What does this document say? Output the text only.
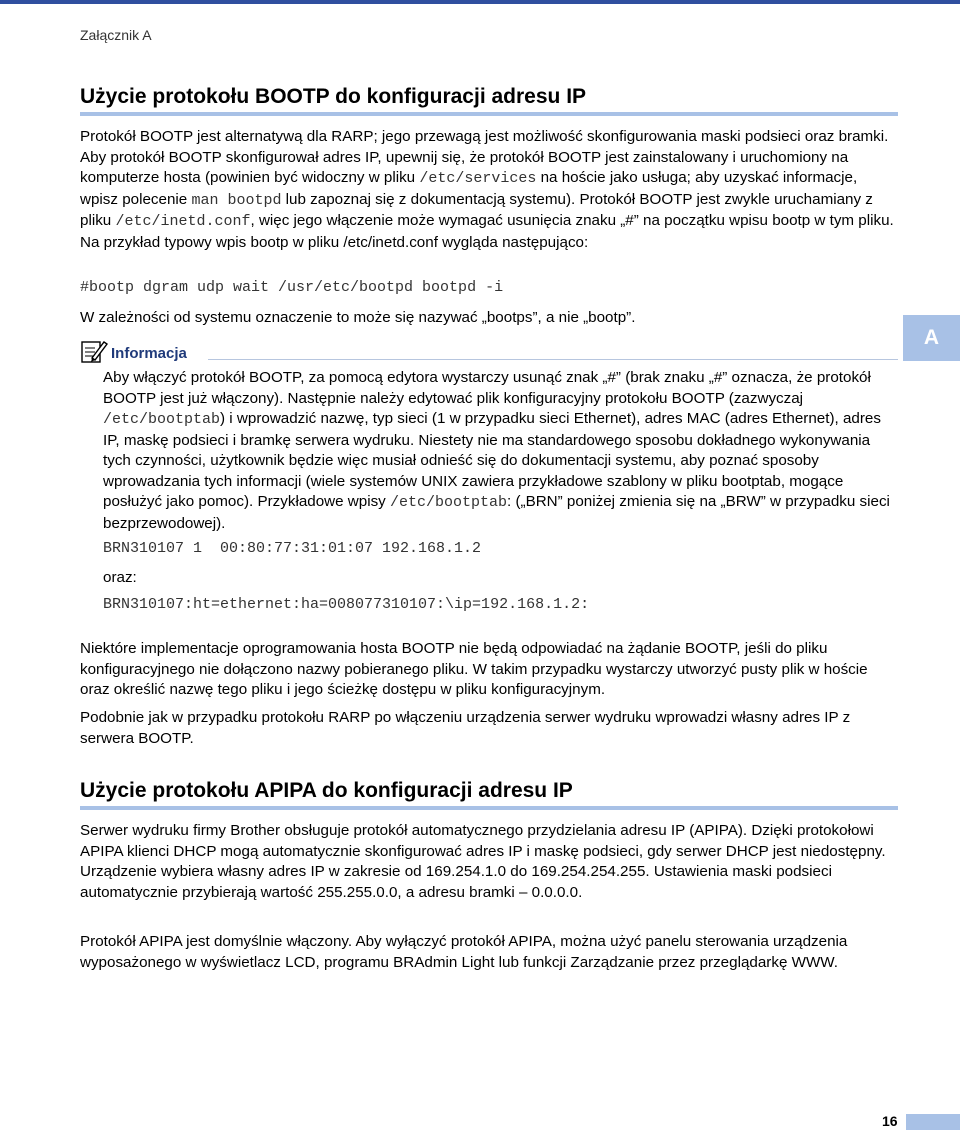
Załącznik A
Użycie protokołu BOOTP do konfiguracji adresu IP

Protokół BOOTP jest alternatywą dla RARP; jego przewagą jest możliwość skonfigurowania maski podsieci oraz bramki. Aby protokół BOOTP skonfigurował adres IP, upewnij się, że protokół BOOTP jest zainstalowany i uruchomiony na komputerze hosta (powinien być widoczny w pliku /etc/services na hoście jako usługa; aby uzyskać informacje, wpisz polecenie man bootpd lub zapoznaj się z dokumentacją systemu). Protokół BOOTP jest zwykle uruchamiany z pliku /etc/inetd.conf, więc jego włączenie może wymagać usunięcia znaku „#” na początku wpisu bootp w tym pliku. Na przykład typowy wpis bootp w pliku /etc/inetd.conf wygląda następująco:

#bootp dgram udp wait /usr/etc/bootpd bootpd -i

W zależności od systemu oznaczenie to może się nazywać „bootps”, a nie „bootp”.

A
Informacja

Aby włączyć protokół BOOTP, za pomocą edytora wystarczy usunąć znak „#” (brak znaku „#” oznacza, że protokół BOOTP jest już włączony). Następnie należy edytować plik konfiguracyjny protokołu BOOTP (zazwyczaj /etc/bootptab) i wprowadzić nazwę, typ sieci (1 w przypadku sieci Ethernet), adres MAC (adres Ethernet), adres IP, maskę podsieci i bramkę serwera wydruku. Niestety nie ma standardowego sposobu dokładnego wykonywania tych czynności, użytkownik będzie więc musiał odnieść się do dokumentacji systemu, aby poznać sposoby wprowadzania tych informacji (wiele systemów UNIX zawiera przykładowe szablony w pliku bootptab, mogące posłużyć jako pomoc). Przykładowe wpisy /etc/bootptab: („BRN” poniżej zmienia się na „BRW” w przypadku sieci bezprzewodowej).

BRN310107 1  00:80:77:31:01:07 192.168.1.2

oraz:

BRN310107:ht=ethernet:ha=008077310107:\ip=192.168.1.2:

Niektóre implementacje oprogramowania hosta BOOTP nie będą odpowiadać na żądanie BOOTP, jeśli do pliku konfiguracyjnego nie dołączono nazwy pobieranego pliku. W takim przypadku wystarczy utworzyć pusty plik w hoście oraz określić nazwę tego pliku i jego ścieżkę dostępu w pliku konfiguracyjnym.

Podobnie jak w przypadku protokołu RARP po włączeniu urządzenia serwer wydruku wprowadzi własny adres IP z serwera BOOTP.

Użycie protokołu APIPA do konfiguracji adresu IP

Serwer wydruku firmy Brother obsługuje protokół automatycznego przydzielania adresu IP (APIPA). Dzięki protokołowi APIPA klienci DHCP mogą automatycznie skonfigurować adres IP i maskę podsieci, gdy serwer DHCP jest niedostępny. Urządzenie wybiera własny adres IP w zakresie od 169.254.1.0 do 169.254.254.255. Ustawienia maski podsieci automatycznie przybierają wartość 255.255.0.0, a adresu bramki – 0.0.0.0.

Protokół APIPA jest domyślnie włączony. Aby wyłączyć protokół APIPA, można użyć panelu sterowania urządzenia wyposażonego w wyświetlacz LCD, programu BRAdmin Light lub funkcji Zarządzanie przez przeglądarkę WWW.

16
